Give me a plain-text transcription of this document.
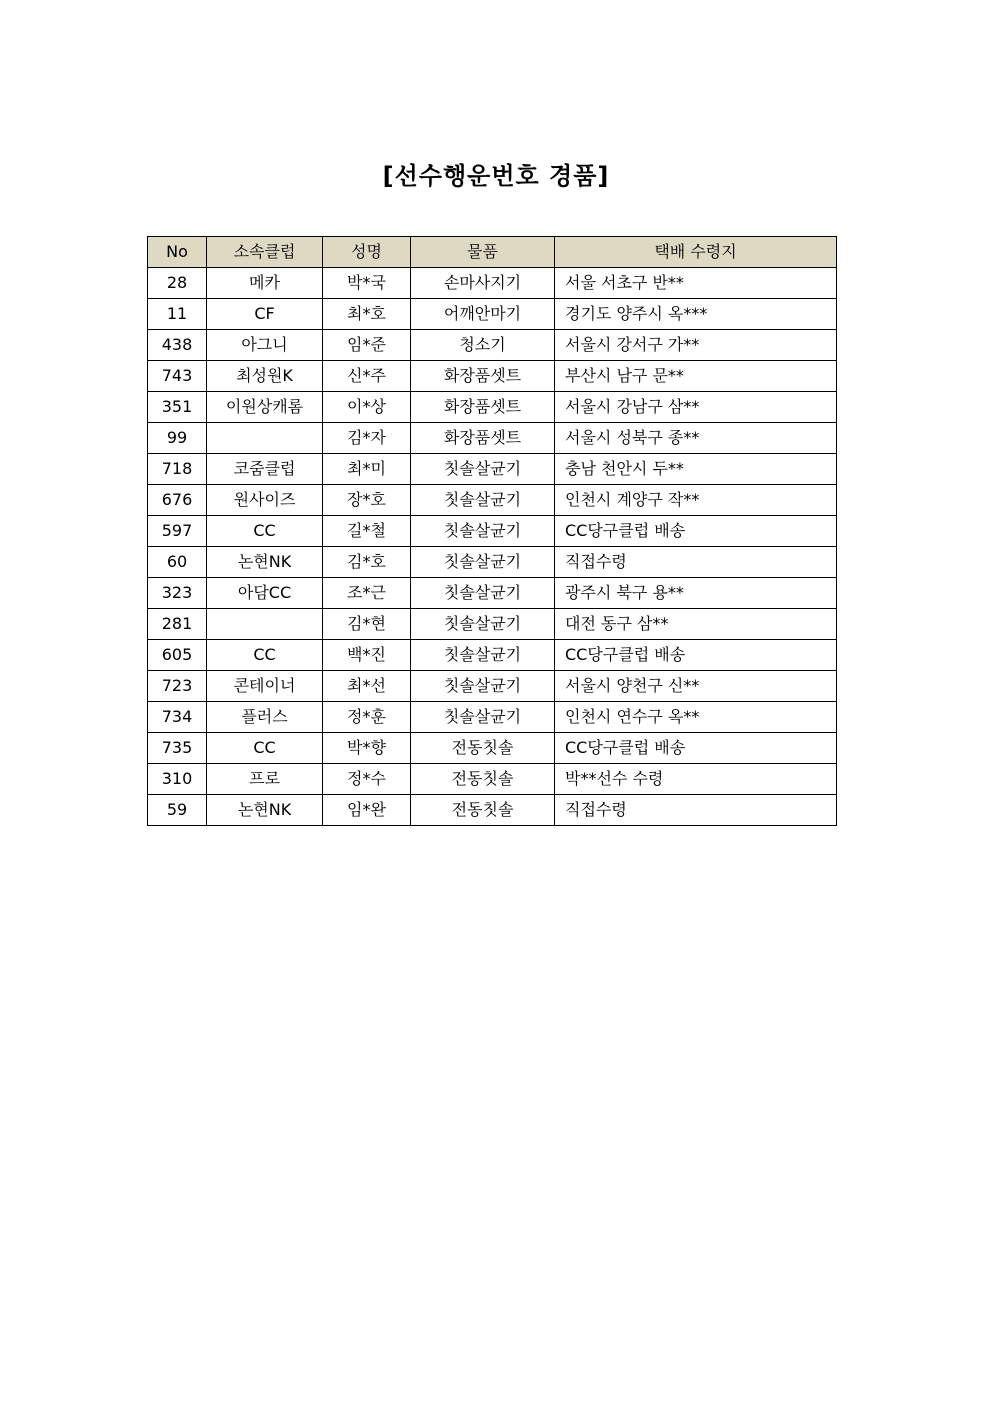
[선수행운번호 경품]
No	소속클럽	성명	물품	택배 수령지
28	메카	박*국	손마사지기	서울 서초구 반**
11	CF	최*호	어깨안마기	경기도 양주시 옥***
438	아그니	임*준	청소기	서울시 강서구 가**
743	최성원K	신*주	화장품셋트	부산시 남구 문**
351	이원상캐롬	이*상	화장품셋트	서울시 강남구 삼**
99		김*자	화장품셋트	서울시 성북구 종**
718	코줌클럽	최*미	칫솔살균기	충남 천안시 두**
676	원사이즈	장*호	칫솔살균기	인천시 계양구 작**
597	CC	길*철	칫솔살균기	CC당구클럽 배송
60	논현NK	김*호	칫솔살균기	직접수령
323	아담CC	조*근	칫솔살균기	광주시 북구 용**
281		김*현	칫솔살균기	대전 동구 삼**
605	CC	백*진	칫솔살균기	CC당구클럽 배송
723	콘테이너	최*선	칫솔살균기	서울시 양천구 신**
734	플러스	정*훈	칫솔살균기	인천시 연수구 옥**
735	CC	박*향	전동칫솔	CC당구클럽 배송
310	프로	정*수	전동칫솔	박**선수 수령
59	논현NK	임*완	전동칫솔	직접수령
